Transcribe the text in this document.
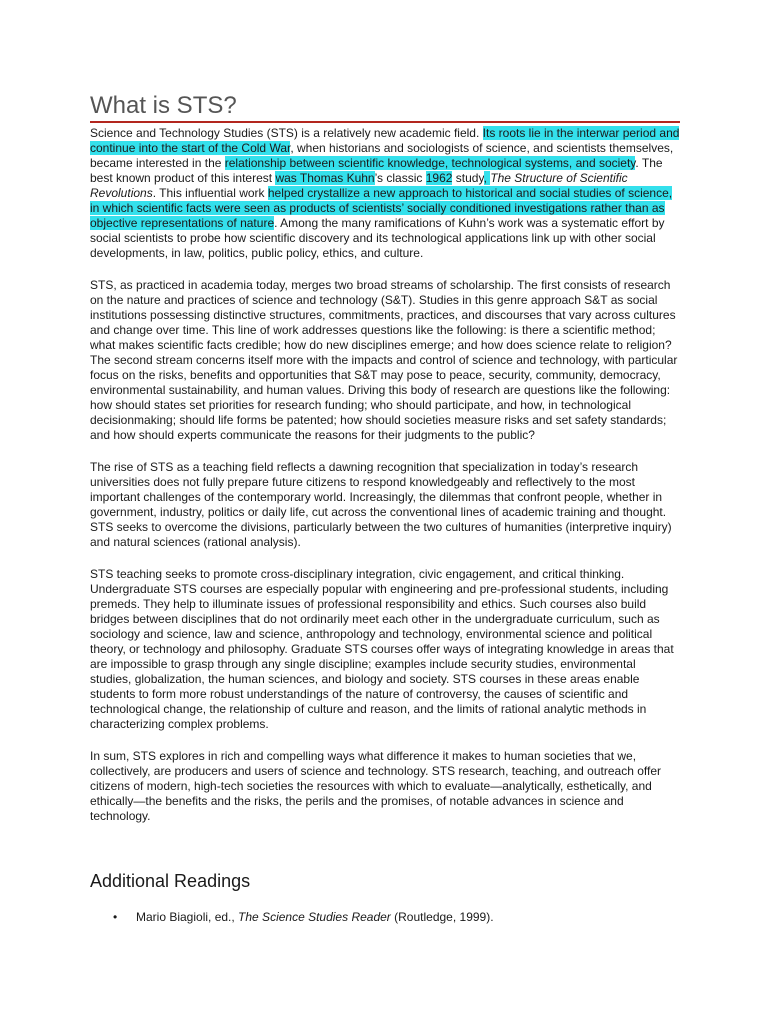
What is STS?

Science and Technology Studies (STS) is a relatively new academic field. Its roots lie in the interwar period and continue into the start of the Cold War, when historians and sociologists of science, and scientists themselves, became interested in the relationship between scientific knowledge, technological systems, and society. The best known product of this interest was Thomas Kuhn’s classic 1962 study, The Structure of Scientific Revolutions. This influential work helped crystallize a new approach to historical and social studies of science, in which scientific facts were seen as products of scientists’ socially conditioned investigations rather than as objective representations of nature. Among the many ramifications of Kuhn’s work was a systematic effort by social scientists to probe how scientific discovery and its technological applications link up with other social developments, in law, politics, public policy, ethics, and culture.

STS, as practiced in academia today, merges two broad streams of scholarship. The first consists of research on the nature and practices of science and technology (S&T). Studies in this genre approach S&T as social institutions possessing distinctive structures, commitments, practices, and discourses that vary across cultures and change over time. This line of work addresses questions like the following: is there a scientific method; what makes scientific facts credible; how do new disciplines emerge; and how does science relate to religion? The second stream concerns itself more with the impacts and control of science and technology, with particular focus on the risks, benefits and opportunities that S&T may pose to peace, security, community, democracy, environmental sustainability, and human values. Driving this body of research are questions like the following: how should states set priorities for research funding; who should participate, and how, in technological decisionmaking; should life forms be patented; how should societies measure risks and set safety standards; and how should experts communicate the reasons for their judgments to the public?

The rise of STS as a teaching field reflects a dawning recognition that specialization in today’s research universities does not fully prepare future citizens to respond knowledgeably and reflectively to the most important challenges of the contemporary world. Increasingly, the dilemmas that confront people, whether in government, industry, politics or daily life, cut across the conventional lines of academic training and thought. STS seeks to overcome the divisions, particularly between the two cultures of humanities (interpretive inquiry) and natural sciences (rational analysis).

STS teaching seeks to promote cross-disciplinary integration, civic engagement, and critical thinking. Undergraduate STS courses are especially popular with engineering and pre-professional students, including premeds. They help to illuminate issues of professional responsibility and ethics. Such courses also build bridges between disciplines that do not ordinarily meet each other in the undergraduate curriculum, such as sociology and science, law and science, anthropology and technology, environmental science and political theory, or technology and philosophy. Graduate STS courses offer ways of integrating knowledge in areas that are impossible to grasp through any single discipline; examples include security studies, environmental studies, globalization, the human sciences, and biology and society. STS courses in these areas enable students to form more robust understandings of the nature of controversy, the causes of scientific and technological change, the relationship of culture and reason, and the limits of rational analytic methods in characterizing complex problems.

In sum, STS explores in rich and compelling ways what difference it makes to human societies that we, collectively, are producers and users of science and technology. STS research, teaching, and outreach offer citizens of modern, high-tech societies the resources with which to evaluate—analytically, esthetically, and ethically—the benefits and the risks, the perils and the promises, of notable advances in science and technology.

Additional Readings
• Mario Biagioli, ed., The Science Studies Reader (Routledge, 1999).
